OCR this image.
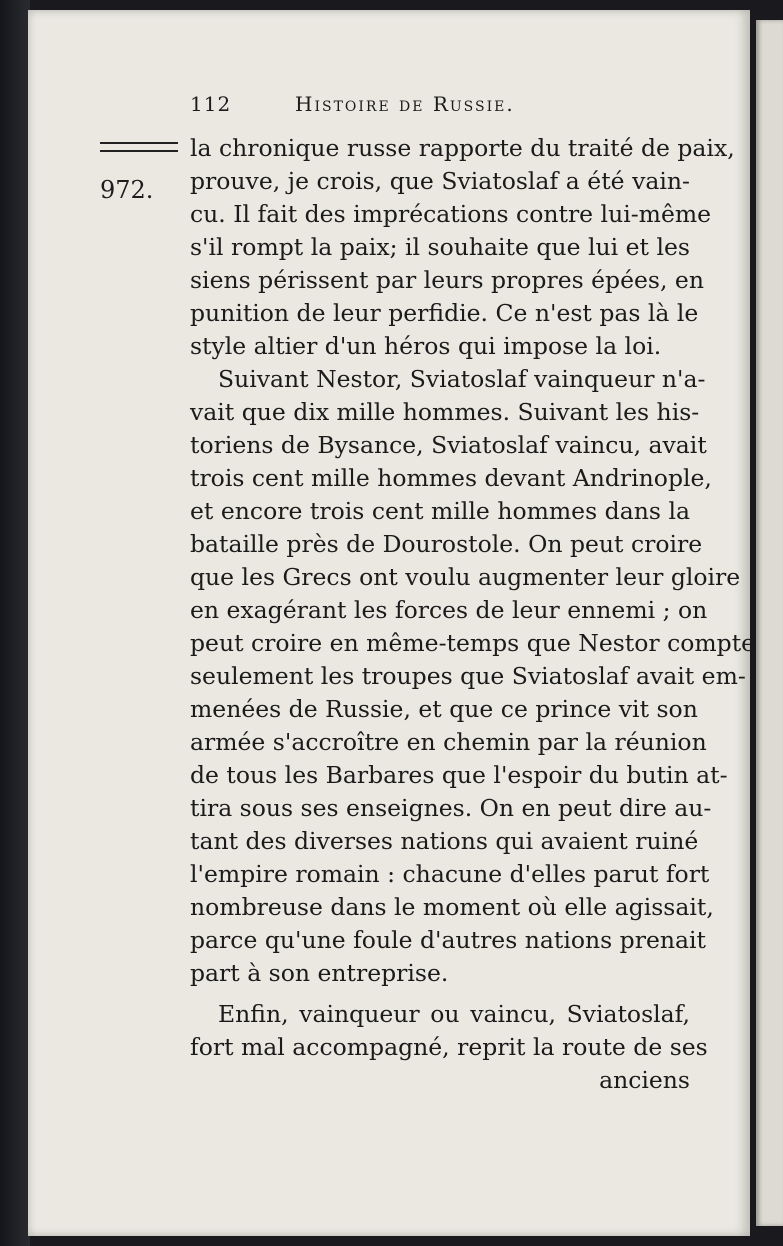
112	Histoire de Russie.
972.
la chronique russe rapporte du traité de paix,
prouve, je crois, que Sviatoslaf a été vain-
cu. Il fait des imprécations contre lui-même
s'il rompt la paix; il souhaite que lui et les
siens périssent par leurs propres épées, en
punition de leur perfidie. Ce n'est pas là le
style altier d'un héros qui impose la loi.
Suivant Nestor, Sviatoslaf vainqueur n'a-
vait que dix mille hommes. Suivant les his-
toriens de Bysance, Sviatoslaf vaincu, avait
trois cent mille hommes devant Andrinople,
et encore trois cent mille hommes dans la
bataille près de Dourostole. On peut croire
que les Grecs ont voulu augmenter leur gloire
en exagérant les forces de leur ennemi ; on
peut croire en même-temps que Nestor compte
seulement les troupes que Sviatoslaf avait em-
menées de Russie, et que ce prince vit son
armée s'accroître en chemin par la réunion
de tous les Barbares que l'espoir du butin at-
tira sous ses enseignes. On en peut dire au-
tant des diverses nations qui avaient ruiné
l'empire romain : chacune d'elles parut fort
nombreuse dans le moment où elle agissait,
parce qu'une foule d'autres nations prenait
part à son entreprise.
Enfin, vainqueur ou vaincu, Sviatoslaf,
fort mal accompagné, reprit la route de ses
anciens
